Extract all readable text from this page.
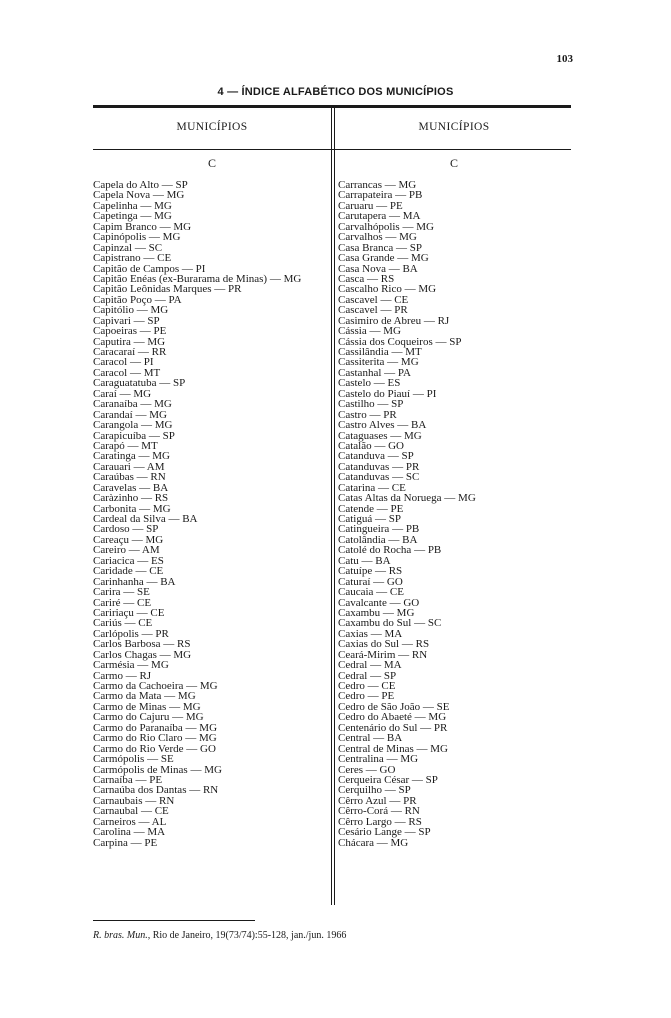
103
4 — ÍNDICE ALFABÉTICO DOS MUNICÍPIOS
MUNICÍPIOS	MUNICÍPIOS
C	C
Capela do Alto — SP
Capela Nova — MG
Capelinha — MG
Capetinga — MG
Capim Branco — MG
Capinópolis — MG
Capinzal — SC
Capistrano — CE
Capitão de Campos — PI
Capitão Enéas (ex-Burarama de Minas) — MG
Capitão Leônidas Marques — PR
Capitão Poço — PA
Capitólio — MG
Capivari — SP
Capoeiras — PE
Caputira — MG
Caracaraí — RR
Caracol — PI
Caracol — MT
Caraguatatuba — SP
Caraí — MG
Caranaíba — MG
Carandaí — MG
Carangola — MG
Carapicuíba — SP
Carapó — MT
Caratinga — MG
Carauari — AM
Caraúbas — RN
Caravelas — BA
Caràzinho — RS
Carbonita — MG
Cardeal da Silva — BA
Cardoso — SP
Careaçu — MG
Careiro — AM
Cariacica — ES
Caridade — CE
Carinhanha — BA
Carira — SE
Cariré — CE
Caririaçu — CE
Cariús — CE
Carlópolis — PR
Carlos Barbosa — RS
Carlos Chagas — MG
Carmésia — MG
Carmo — RJ
Carmo da Cachoeira — MG
Carmo da Mata — MG
Carmo de Minas — MG
Carmo do Cajuru — MG
Carmo do Paranaíba — MG
Carmo do Rio Claro — MG
Carmo do Rio Verde — GO
Carmópolis — SE
Carmópolis de Minas — MG
Carnaíba — PE
Carnaúba dos Dantas — RN
Carnaubais — RN
Carnaubal — CE
Carneiros — AL
Carolina — MA
Carpina — PE
Carrancas — MG
Carrapateira — PB
Caruaru — PE
Carutapera — MA
Carvalhópolis — MG
Carvalhos — MG
Casa Branca — SP
Casa Grande — MG
Casa Nova — BA
Casca — RS
Cascalho Rico — MG
Cascavel — CE
Cascavel — PR
Casimiro de Abreu — RJ
Cássia — MG
Cássia dos Coqueiros — SP
Cassilândia — MT
Cassiterita — MG
Castanhal — PA
Castelo — ES
Castelo do Piauí — PI
Castilho — SP
Castro — PR
Castro Alves — BA
Cataguases — MG
Catalão — GO
Catanduva — SP
Catanduvas — PR
Catanduvas — SC
Catarina — CE
Catas Altas da Noruega — MG
Catende — PE
Catiguá — SP
Catingueira — PB
Catolândia — BA
Catolé do Rocha — PB
Catu — BA
Catuípe — RS
Caturaí — GO
Caucaia — CE
Cavalcante — GO
Caxambu — MG
Caxambu do Sul — SC
Caxias — MA
Caxias do Sul — RS
Ceará-Mirim — RN
Cedral — MA
Cedral — SP
Cedro — CE
Cedro — PE
Cedro de São João — SE
Cedro do Abaeté — MG
Centenário do Sul — PR
Central — BA
Central de Minas — MG
Centralina — MG
Ceres — GO
Cerqueira César — SP
Cerquilho — SP
Cêrro Azul — PR
Cêrro-Corá — RN
Cêrro Largo — RS
Cesário Lange — SP
Chácara — MG
R. bras. Mun., Rio de Janeiro, 19(73/74):55-128, jan./jun. 1966
